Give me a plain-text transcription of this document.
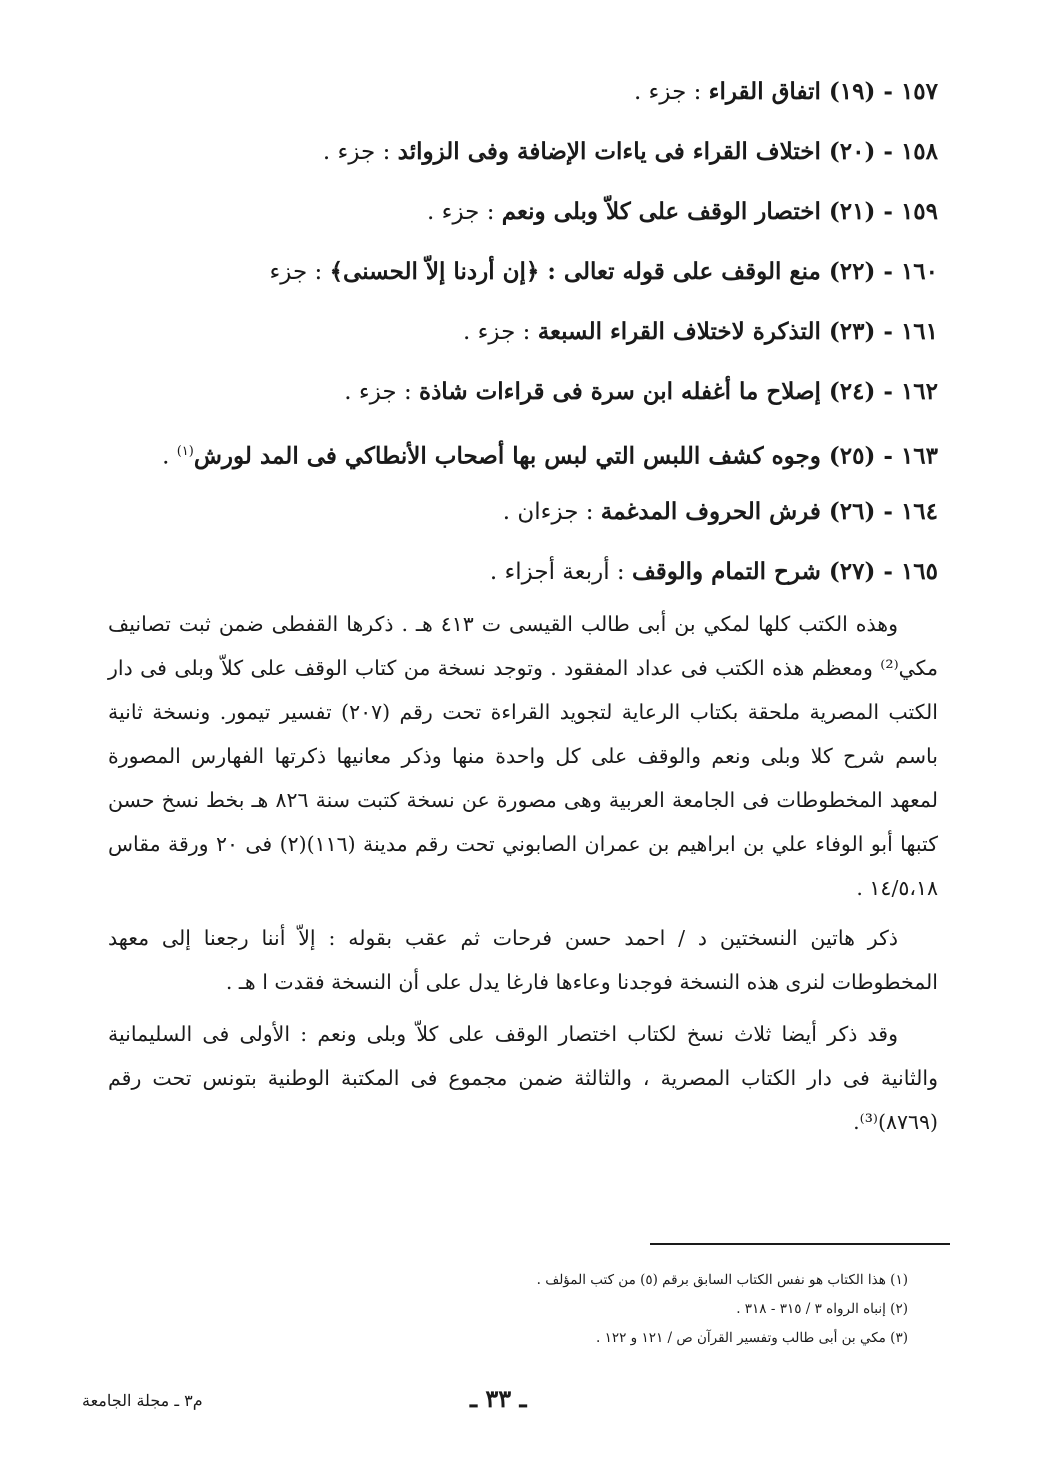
١٥٧ - (١٩) اتفاق القراء : جزء .
١٥٨ - (٢٠) اختلاف القراء فى ياءات الإضافة وفى الزوائد : جزء .
١٥٩ - (٢١) اختصار الوقف على كلاّ وبلى ونعم : جزء .
١٦٠ - (٢٢) منع الوقف على قوله تعالى : ﴿إن أردنا إلاّ الحسنى﴾ : جزء
١٦١ - (٢٣) التذكرة لاختلاف القراء السبعة : جزء .
١٦٢ - (٢٤) إصلاح ما أغفله ابن سرة فى قراءات شاذة : جزء .
١٦٣ - (٢٥) وجوه كشف اللبس التي لبس بها أصحاب الأنطاكي فى المد لورش$^{(١)}$ .
١٦٤ - (٢٦) فرش الحروف المدغمة : جزءان .
١٦٥ - (٢٧) شرح التمام والوقف : أربعة أجزاء .

وهذه الكتب كلها لمكي بن أبى طالب القيسى ت ٤١٣ هـ . ذكرها القفطى ضمن ثبت تصانيف مكي⁽²⁾ ومعظم هذه الكتب فى عداد المفقود . وتوجد نسخة من كتاب الوقف على كلاّ وبلى فى دار الكتب المصرية ملحقة بكتاب الرعاية لتجويد القراءة تحت رقم (٢٠٧) تفسير تيمور. ونسخة ثانية باسم شرح كلا وبلى ونعم والوقف على كل واحدة منها وذكر معانيها ذكرتها الفهارس المصورة لمعهد المخطوطات فى الجامعة العربية وهى مصورة عن نسخة كتبت سنة ٨٢٦ هـ بخط نسخ حسن كتبها أبو الوفاء علي بن ابراهيم بن عمران الصابوني تحت رقم مدينة (١١٦)(٢) فى ٢٠ ورقة مقاس ١٤/٥،١٨ .

ذكر هاتين النسختين د / احمد حسن فرحات ثم عقب بقوله : إلاّ أننا رجعنا إلى معهد المخطوطات لنرى هذه النسخة فوجدنا وعاءها فارغا يدل على أن النسخة فقدت ا هـ .

وقد ذكر أيضا ثلاث نسخ لكتاب اختصار الوقف على كلاّ وبلى ونعم : الأولى فى السليمانية والثانية فى دار الكتاب المصرية ، والثالثة ضمن مجموع فى المكتبة الوطنية بتونس تحت رقم (٨٧٦٩)⁽³⁾.

(١) هذا الكتاب هو نفس الكتاب السابق برقم (٥) من كتب المؤلف .
(٢) إنباه الرواه ٣ / ٣١٥ - ٣١٨ .
(٣) مكي بن أبى طالب وتفسير القرآن ص / ١٢١ و ١٢٢ .
ـ ٣٣ ـ
م٣ ـ مجلة الجامعة
